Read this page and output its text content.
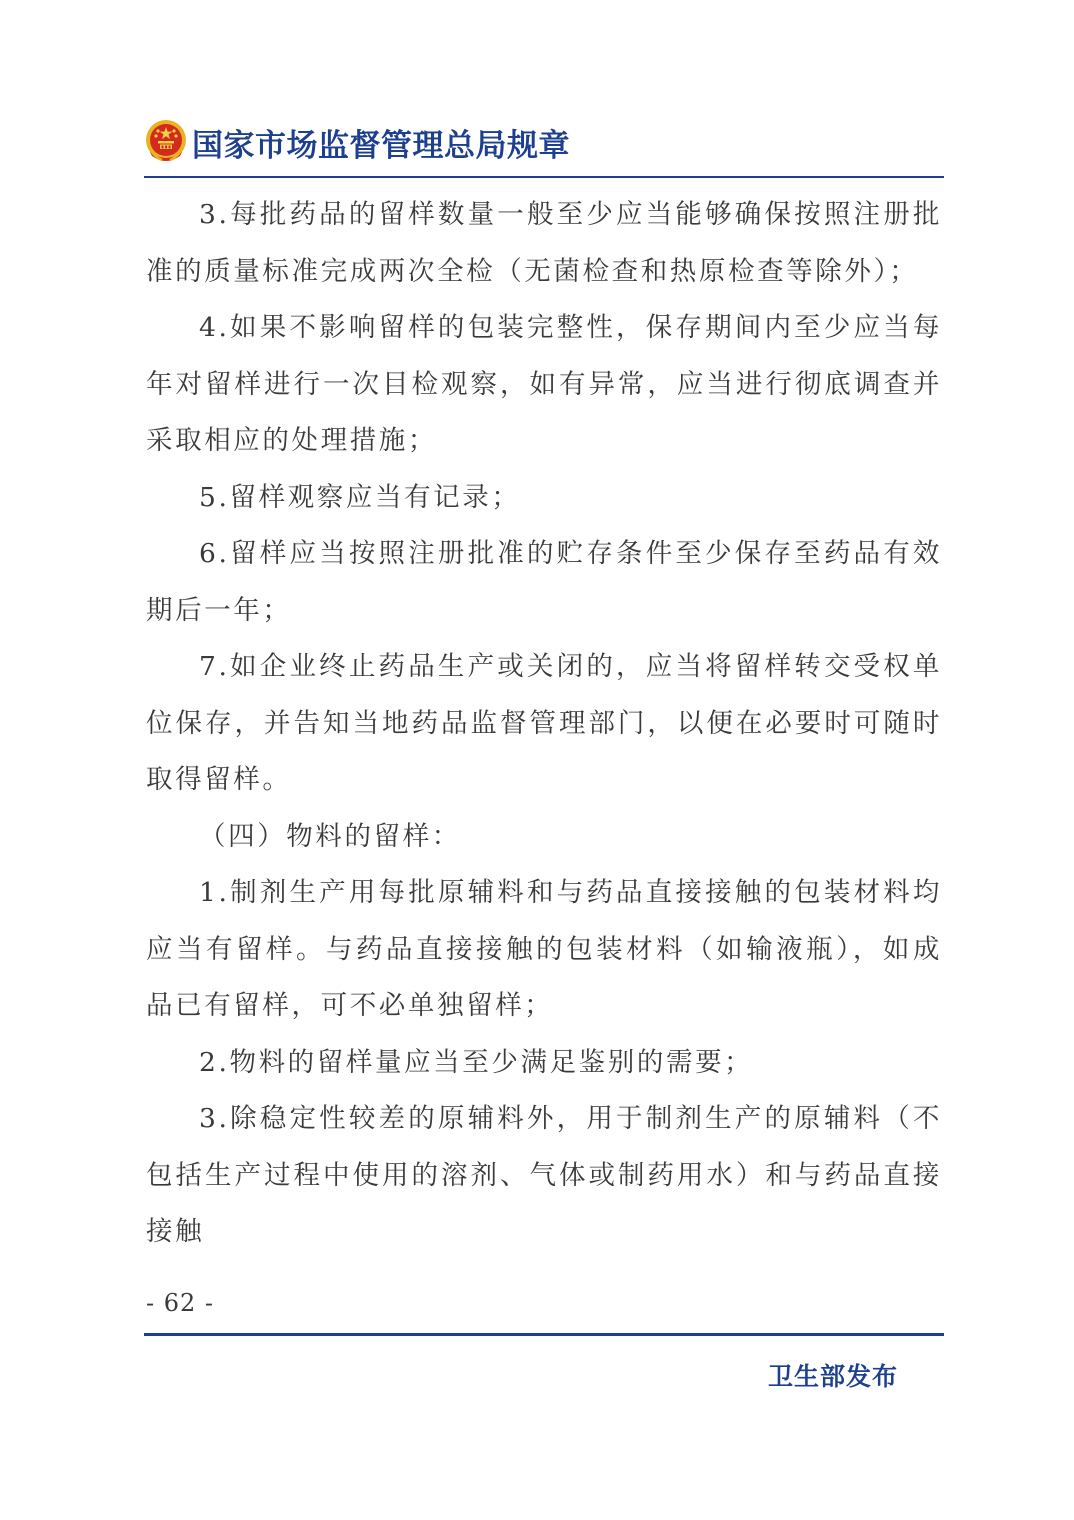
国家市场监督管理总局规章

3.每批药品的留样数量一般至少应当能够确保按照注册批准的质量标准完成两次全检（无菌检查和热原检查等除外）；

4.如果不影响留样的包装完整性，保存期间内至少应当每年对留样进行一次目检观察，如有异常，应当进行彻底调查并采取相应的处理措施；

5.留样观察应当有记录；

6.留样应当按照注册批准的贮存条件至少保存至药品有效期后一年；

7.如企业终止药品生产或关闭的，应当将留样转交受权单位保存，并告知当地药品监督管理部门，以便在必要时可随时取得留样。

（四）物料的留样：

1.制剂生产用每批原辅料和与药品直接接触的包装材料均应当有留样。与药品直接接触的包装材料（如输液瓶），如成品已有留样，可不必单独留样；

2.物料的留样量应当至少满足鉴别的需要；

3.除稳定性较差的原辅料外，用于制剂生产的原辅料（不包括生产过程中使用的溶剂、气体或制药用水）和与药品直接接触

- 62 -
卫生部发布
